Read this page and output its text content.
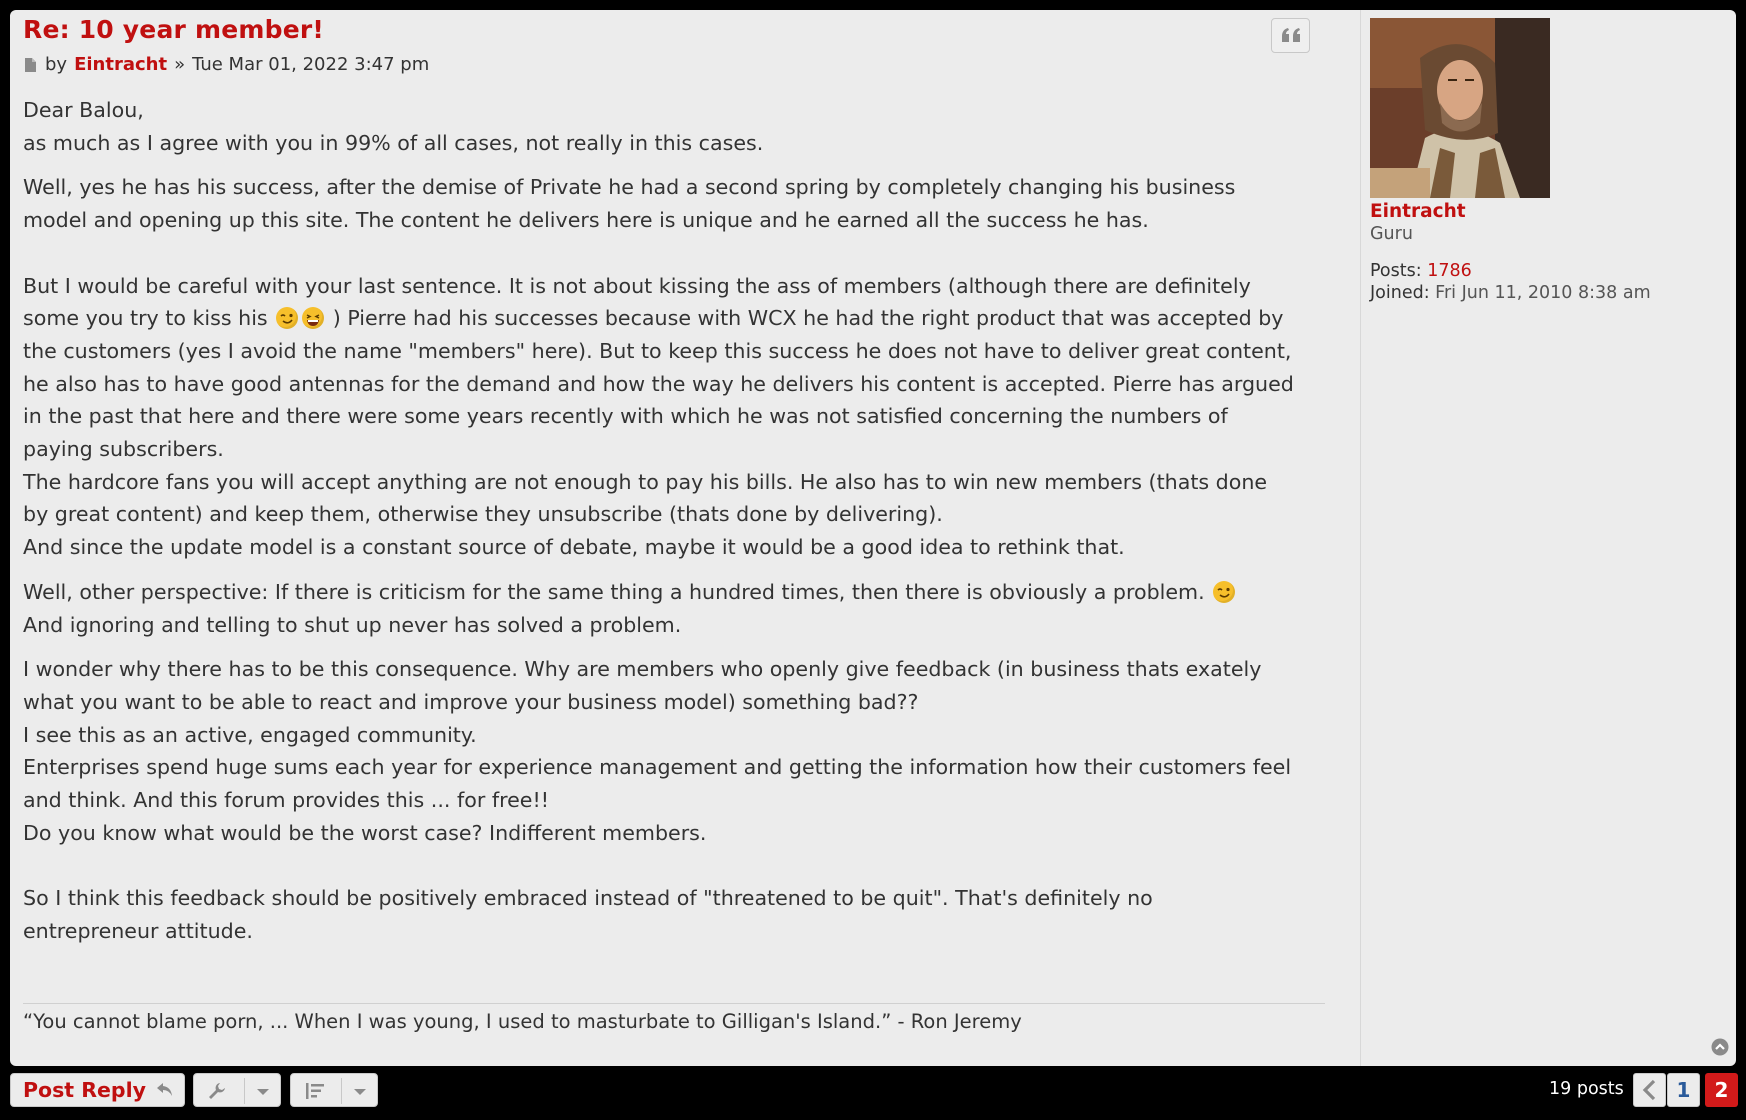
Re: 10 year member!
by Eintracht » Tue Mar 01, 2022 3:47 pm

Dear Balou,
as much as I agree with you in 99% of all cases, not really in this cases.

Well, yes he has his success, after the demise of Private he had a second spring by completely changing his business
model and opening up this site. The content he delivers here is unique and he earned all the success he has.

But I would be careful with your last sentence. It is not about kissing the ass of members (although there are definitely
some you try to kiss his	) Pierre had his successes because with WCX he had the right product that was accepted by
the customers (yes I avoid the name "members" here). But to keep this success he does not have to deliver great content,
he also has to have good antennas for the demand and how the way he delivers his content is accepted. Pierre has argued
in the past that here and there were some years recently with which he was not satisfied concerning the numbers of
paying subscribers.
The hardcore fans you will accept anything are not enough to pay his bills. He also has to win new members (thats done
by great content) and keep them, otherwise they unsubscribe (thats done by delivering).
And since the update model is a constant source of debate, maybe it would be a good idea to rethink that.

Well, other perspective: If there is criticism for the same thing a hundred times, then there is obviously a problem.

And ignoring and telling to shut up never has solved a problem.

I wonder why there has to be this consequence. Why are members who openly give feedback (in business thats exately
what you want to be able to react and improve your business model) something bad??
I see this as an active, engaged community.
Enterprises spend huge sums each year for experience management and getting the information how their customers feel
and think. And this forum provides this ... for free!!
Do you know what would be the worst case? Indifferent members.

So I think this feedback should be positively embraced instead of "threatened to be quit". That's definitely no
entrepreneur attitude.

“You cannot blame porn, ... When I was young, I used to masturbate to Gilligan's Island.” - Ron Jeremy
Eintracht
Guru
Posts: 1786
Joined: Fri Jun 11, 2010 8:38 am
Post Reply	19 posts	1	2
